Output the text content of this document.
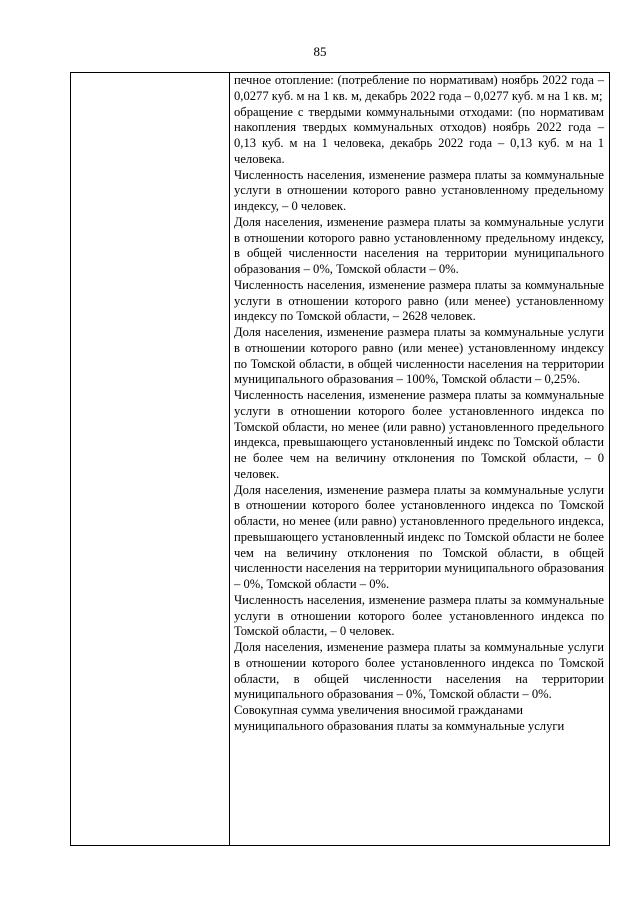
85

печное отопление: (потребление по нормативам) ноябрь 2022 года – 0,0277 куб. м на 1 кв. м, декабрь 2022 года – 0,0277 куб. м на 1 кв. м;

обращение с твердыми коммунальными отходами: (по нормативам накопления твердых коммунальных отходов) ноябрь 2022 года – 0,13 куб. м на 1 человека, декабрь 2022 года – 0,13 куб. м на 1 человека.

Численность населения, изменение размера платы за коммунальные услуги в отношении которого равно установленному предельному индексу, – 0 человек.

Доля населения, изменение размера платы за коммунальные услуги в отношении которого равно установленному предельному индексу, в общей численности населения на территории муниципального образования – 0%, Томской области – 0%.

Численность населения, изменение размера платы за коммунальные услуги в отношении которого равно (или менее) установленному индексу по Томской области, – 2628 человек.

Доля населения, изменение размера платы за коммунальные услуги в отношении которого равно (или менее) установленному индексу по Томской области, в общей численности населения на территории муниципального образования – 100%, Томской области – 0,25%.

Численность населения, изменение размера платы за коммунальные услуги в отношении которого более установленного индекса по Томской области, но менее (или равно) установленного предельного индекса, превышающего установленный индекс по Томской области не более чем на величину отклонения по Томской области, – 0 человек.

Доля населения, изменение размера платы за коммунальные услуги в отношении которого более установленного индекса по Томской области, но менее (или равно) установленного предельного индекса, превышающего установленный индекс по Томской области не более чем на величину отклонения по Томской области, в общей численности населения на территории муниципального образования – 0%, Томской области – 0%.

Численность населения, изменение размера платы за коммунальные услуги в отношении которого более установленного индекса по Томской области, – 0 человек.

Доля населения, изменение размера платы за коммунальные услуги в отношении которого более установленного индекса по Томской области, в общей численности населения на территории муниципального образования – 0%, Томской области – 0%.

Совокупная сумма увеличения вносимой гражданами муниципального образования платы за коммунальные услуги
